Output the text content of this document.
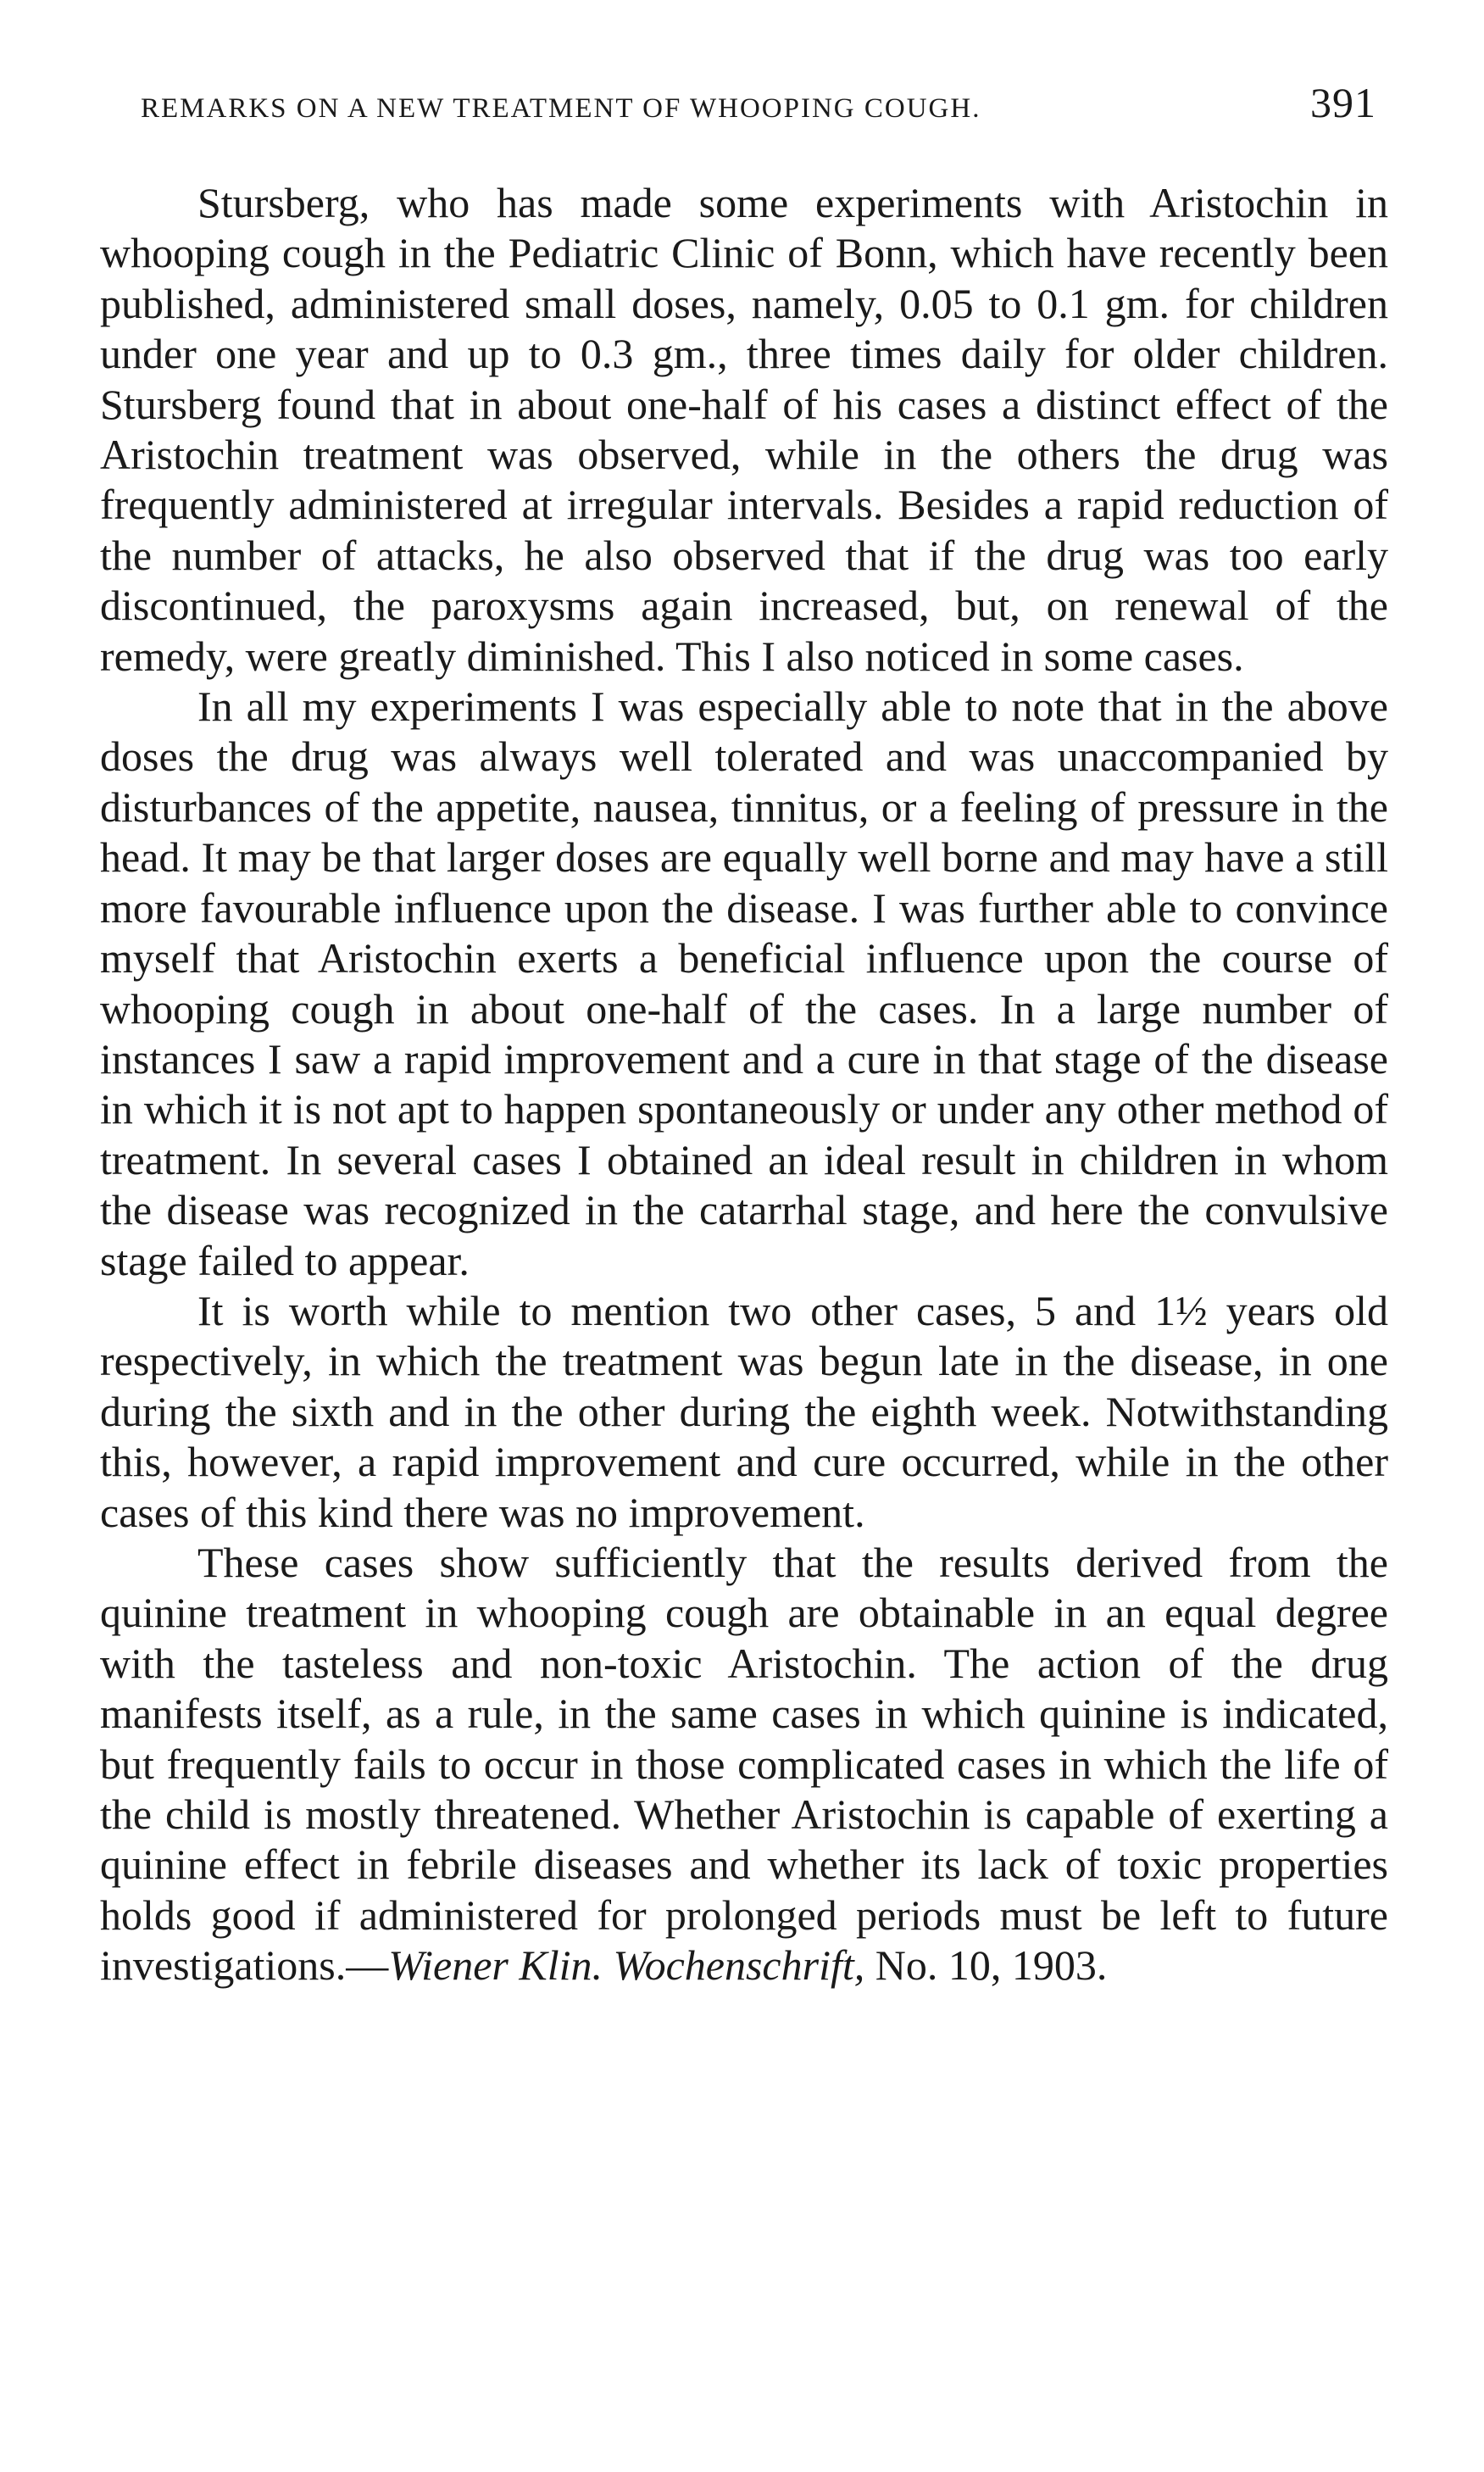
REMARKS ON A NEW TREATMENT OF WHOOPING COUGH.	391

Stursberg, who has made some experiments with Aristochin in whooping cough in the Pediatric Clinic of Bonn, which have recently been published, administered small doses, namely, 0.05 to 0.1 gm. for children under one year and up to 0.3 gm., three times daily for older children. Stursberg found that in about one-half of his cases a distinct effect of the Aristochin treatment was observed, while in the others the drug was frequently administered at irregular intervals. Besides a rapid reduction of the number of attacks, he also observed that if the drug was too early discontinued, the paroxysms again increased, but, on renewal of the remedy, were greatly diminished. This I also noticed in some cases.

In all my experiments I was especially able to note that in the above doses the drug was always well tolerated and was unaccompanied by disturbances of the appetite, nausea, tinnitus, or a feeling of pressure in the head. It may be that larger doses are equally well borne and may have a still more favourable influence upon the disease. I was further able to convince myself that Aristochin exerts a beneficial influence upon the course of whooping cough in about one-half of the cases. In a large number of instances I saw a rapid improvement and a cure in that stage of the disease in which it is not apt to happen spontaneously or under any other method of treatment. In several cases I obtained an ideal result in children in whom the disease was recognized in the catarrhal stage, and here the convulsive stage failed to appear.

It is worth while to mention two other cases, 5 and 1½ years old respectively, in which the treatment was begun late in the disease, in one during the sixth and in the other during the eighth week. Notwithstanding this, however, a rapid improvement and cure occurred, while in the other cases of this kind there was no improvement.

These cases show sufficiently that the results derived from the quinine treatment in whooping cough are obtainable in an equal degree with the tasteless and non-toxic Aristochin. The action of the drug manifests itself, as a rule, in the same cases in which quinine is indicated, but frequently fails to occur in those complicated cases in which the life of the child is mostly threatened. Whether Aristochin is capable of exerting a quinine effect in febrile diseases and whether its lack of toxic properties holds good if administered for prolonged periods must be left to future investigations.—Wiener Klin. Wochenschrift, No. 10, 1903.
